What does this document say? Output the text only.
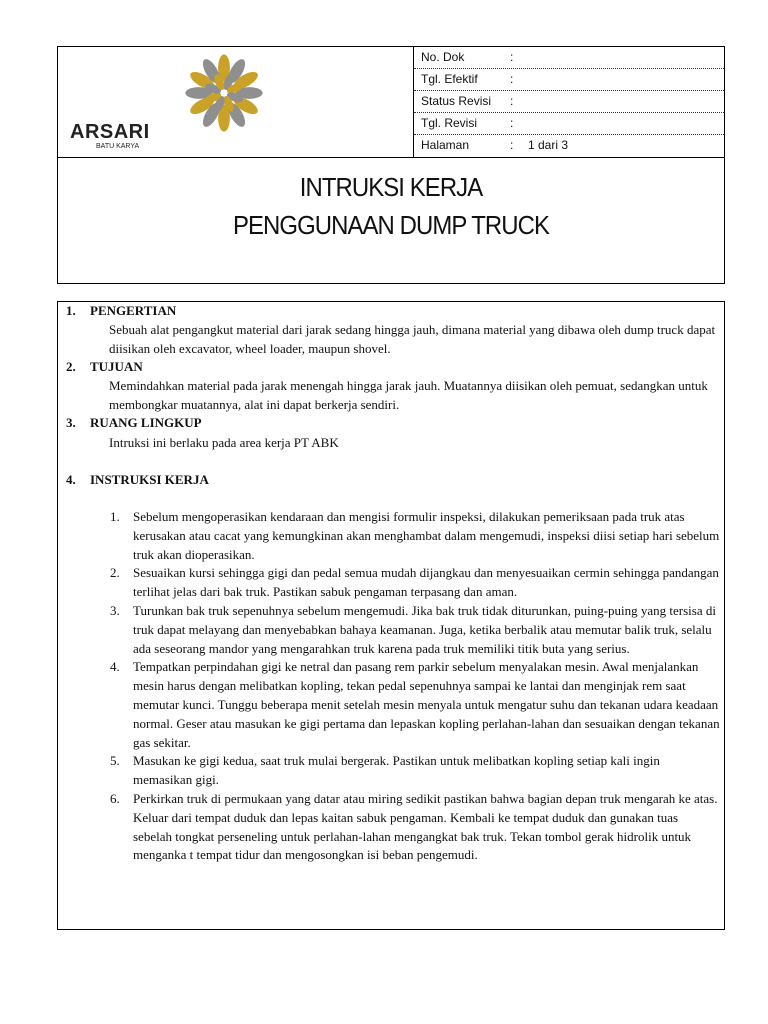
ARSARI
BATU KARYA
No. Dok	:
Tgl. Efektif	:
Status Revisi :
Tgl. Revisi	:
Halaman	: 1 dari 3
INTRUKSI KERJA
PENGGUNAAN DUMP TRUCK
1. PENGERTIAN
Sebuah alat pengangkut material dari jarak sedang hingga jauh, dimana material yang dibawa oleh dump truck dapat diisikan oleh excavator, wheel loader, maupun shovel.
2. TUJUAN
Memindahkan material pada jarak menengah hingga jarak jauh. Muatannya diisikan oleh pemuat, sedangkan untuk membongkar muatannya, alat ini dapat berkerja sendiri.
3. RUANG LINGKUP
Intruksi ini berlaku pada area kerja PT ABK
4. INSTRUKSI KERJA
1. Sebelum mengoperasikan kendaraan dan mengisi formulir inspeksi, dilakukan pemeriksaan pada truk atas kerusakan atau cacat yang kemungkinan akan menghambat dalam mengemudi, inspeksi diisi setiap hari sebelum truk akan dioperasikan.
2. Sesuaikan kursi sehingga gigi dan pedal semua mudah dijangkau dan menyesuaikan cermin sehingga pandangan terlihat jelas dari bak truk. Pastikan sabuk pengaman terpasang dan aman.
3. Turunkan bak truk sepenuhnya sebelum mengemudi. Jika bak truk tidak diturunkan, puing-puing yang tersisa di truk dapat melayang dan menyebabkan bahaya keamanan. Juga, ketika berbalik atau memutar balik truk, selalu ada seseorang mandor yang mengarahkan truk karena pada truk memiliki titik buta yang serius.
4. Tempatkan perpindahan gigi ke netral dan pasang rem parkir sebelum menyalakan mesin. Awal menjalankan mesin harus dengan melibatkan kopling, tekan pedal sepenuhnya sampai ke lantai dan menginjak rem saat memutar kunci. Tunggu beberapa menit setelah mesin menyala untuk mengatur suhu dan tekanan udara keadaan normal. Geser atau masukan ke gigi pertama dan lepaskan kopling perlahan-lahan dan sesuaikan dengan tekanan gas sekitar.
5. Masukan ke gigi kedua, saat truk mulai bergerak. Pastikan untuk melibatkan kopling setiap kali ingin memasikan gigi.
6. Perkirkan truk di permukaan yang datar atau miring sedikit pastikan bahwa bagian depan truk mengarah ke atas. Keluar dari tempat duduk dan lepas kaitan sabuk pengaman. Kembali ke tempat duduk dan gunakan tuas sebelah tongkat perseneling untuk perlahan-lahan mengangkat bak truk. Tekan tombol gerak hidrolik untuk menganka t tempat tidur dan mengosongkan isi beban pengemudi.
